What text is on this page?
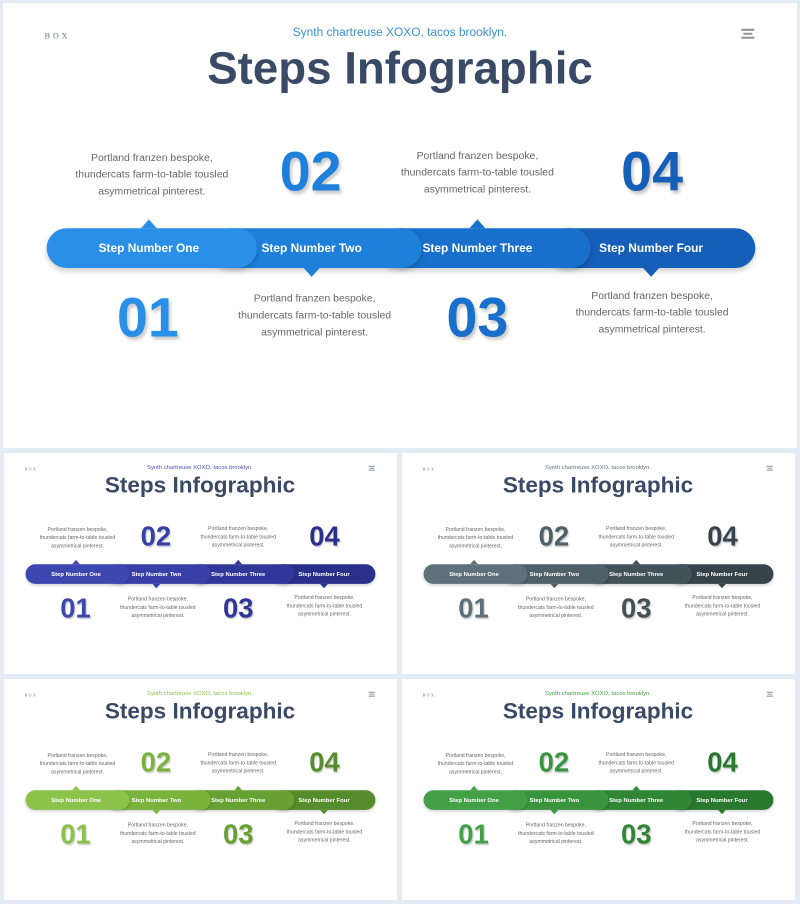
BOX	Synth chartreuse XOXO, tacos brooklyn.
Steps Infographic
Step Number One	Step Number Two	Step Number Three	Step Number Four
01
02
03
04
Portland franzen bespoke,
thundercats farm-to-table tousled
asymmetrical pinterest.
Portland franzen bespoke,
thundercats farm-to-table tousled
asymmetrical pinterest.
Portland franzen bespoke,
thundercats farm-to-table tousled
asymmetrical pinterest.
Portland franzen bespoke,
thundercats farm-to-table tousled
asymmetrical pinterest.
BOX	Synth chartreuse XOXO, tacos brooklyn.
Steps Infographic
Step Number One	Step Number Two	Step Number Three	Step Number Four
01
02
03
04
Portland franzen bespoke,
thundercats farm-to-table tousled
asymmetrical pinterest.
Portland franzen bespoke,
thundercats farm-to-table tousled
asymmetrical pinterest.
Portland franzen bespoke,
thundercats farm-to-table tousled
asymmetrical pinterest.
Portland franzen bespoke,
thundercats farm-to-table tousled
asymmetrical pinterest.
BOX	Synth chartreuse XOXO, tacos brooklyn.
Steps Infographic
Step Number One	Step Number Two	Step Number Three	Step Number Four
01
02
03
04
Portland franzen bespoke,
thundercats farm-to-table tousled
asymmetrical pinterest.
Portland franzen bespoke,
thundercats farm-to-table tousled
asymmetrical pinterest.
Portland franzen bespoke,
thundercats farm-to-table tousled
asymmetrical pinterest.
Portland franzen bespoke,
thundercats farm-to-table tousled
asymmetrical pinterest.
BOX	Synth chartreuse XOXO, tacos brooklyn.
Steps Infographic
Step Number One	Step Number Two	Step Number Three	Step Number Four
01
02
03
04
Portland franzen bespoke,
thundercats farm-to-table tousled
asymmetrical pinterest.
Portland franzen bespoke,
thundercats farm-to-table tousled
asymmetrical pinterest.
Portland franzen bespoke,
thundercats farm-to-table tousled
asymmetrical pinterest.
Portland franzen bespoke,
thundercats farm-to-table tousled
asymmetrical pinterest.
BOX	Synth chartreuse XOXO, tacos brooklyn.
Steps Infographic
Step Number One	Step Number Two	Step Number Three	Step Number Four
01
02
03
04
Portland franzen bespoke,
thundercats farm-to-table tousled
asymmetrical pinterest.
Portland franzen bespoke,
thundercats farm-to-table tousled
asymmetrical pinterest.
Portland franzen bespoke,
thundercats farm-to-table tousled
asymmetrical pinterest.
Portland franzen bespoke,
thundercats farm-to-table tousled
asymmetrical pinterest.
